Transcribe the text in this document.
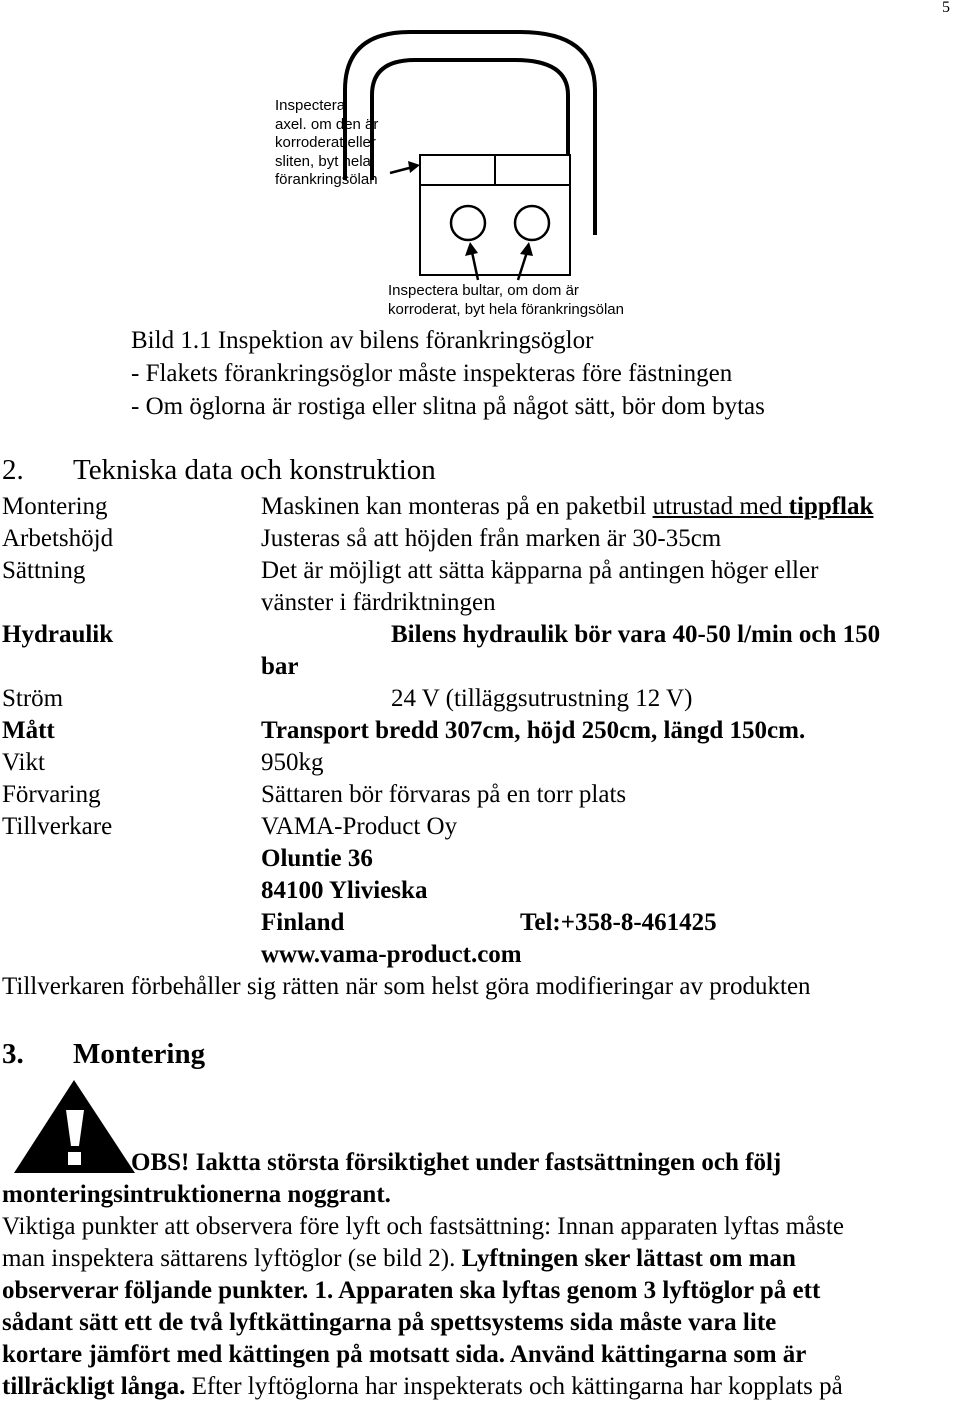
5
Inspectera
axel. om den är
korroderat eller
sliten, byt hela
förankringsölan
Inspectera bultar, om dom är
korroderat, byt hela förankringsölan
Bild 1.1 Inspektion av bilens förankringsöglor
- Flakets förankringsöglor måste inspekteras före fästningen
- Om öglorna är rostiga eller slitna på något sätt, bör dom bytas
2. Tekniska data och konstruktion
Montering	Maskinen kan monteras på en paketbil utrustad med tippflak
Arbetshöjd	Justeras så att höjden från marken är 30-35cm
Sättning	Det är möjligt att sätta käpparna på antingen höger eller
vänster i färdriktningen
Hydraulik	Bilens hydraulik bör vara 40-50 l/min och 150
bar
Ström	24 V (tilläggsutrustning 12 V)
Mått	Transport bredd 307cm, höjd 250cm, längd 150cm.
Vikt	950kg
Förvaring	Sättaren bör förvaras på en torr plats
Tillverkare	VAMA-Product Oy
Oluntie 36
84100 Ylivieska
Finland	Tel:+358-8-461425
www.vama-product.com
Tillverkaren förbehåller sig rätten när som helst göra modifieringar av produkten
3. Montering
OBS! Iaktta största försiktighet under fastsättningen och följ
monteringsintruktionerna noggrant.
Viktiga punkter att observera före lyft och fastsättning: Innan apparaten lyftas måste
man inspektera sättarens lyftöglor (se bild 2). Lyftningen sker lättast om man
observerar följande punkter. 1. Apparaten ska lyftas genom 3 lyftöglor på ett
sådant sätt ett de två lyftkättingarna på spettsystems sida måste vara lite
kortare jämfört med kättingen på motsatt sida. Använd kättingarna som är
tillräckligt långa. Efter lyftöglorna har inspekterats och kättingarna har kopplats på
